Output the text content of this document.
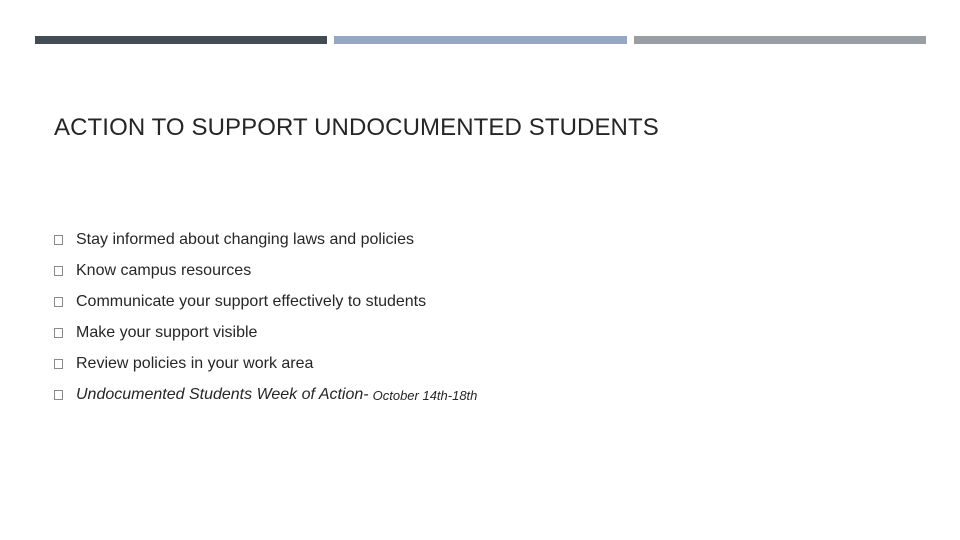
ACTION TO SUPPORT UNDOCUMENTED STUDENTS
Stay informed about changing laws and policies
Know campus resources
Communicate your support effectively to students
Make your support visible
Review policies in your work area
Undocumented Students Week of Action- October 14th-18th
